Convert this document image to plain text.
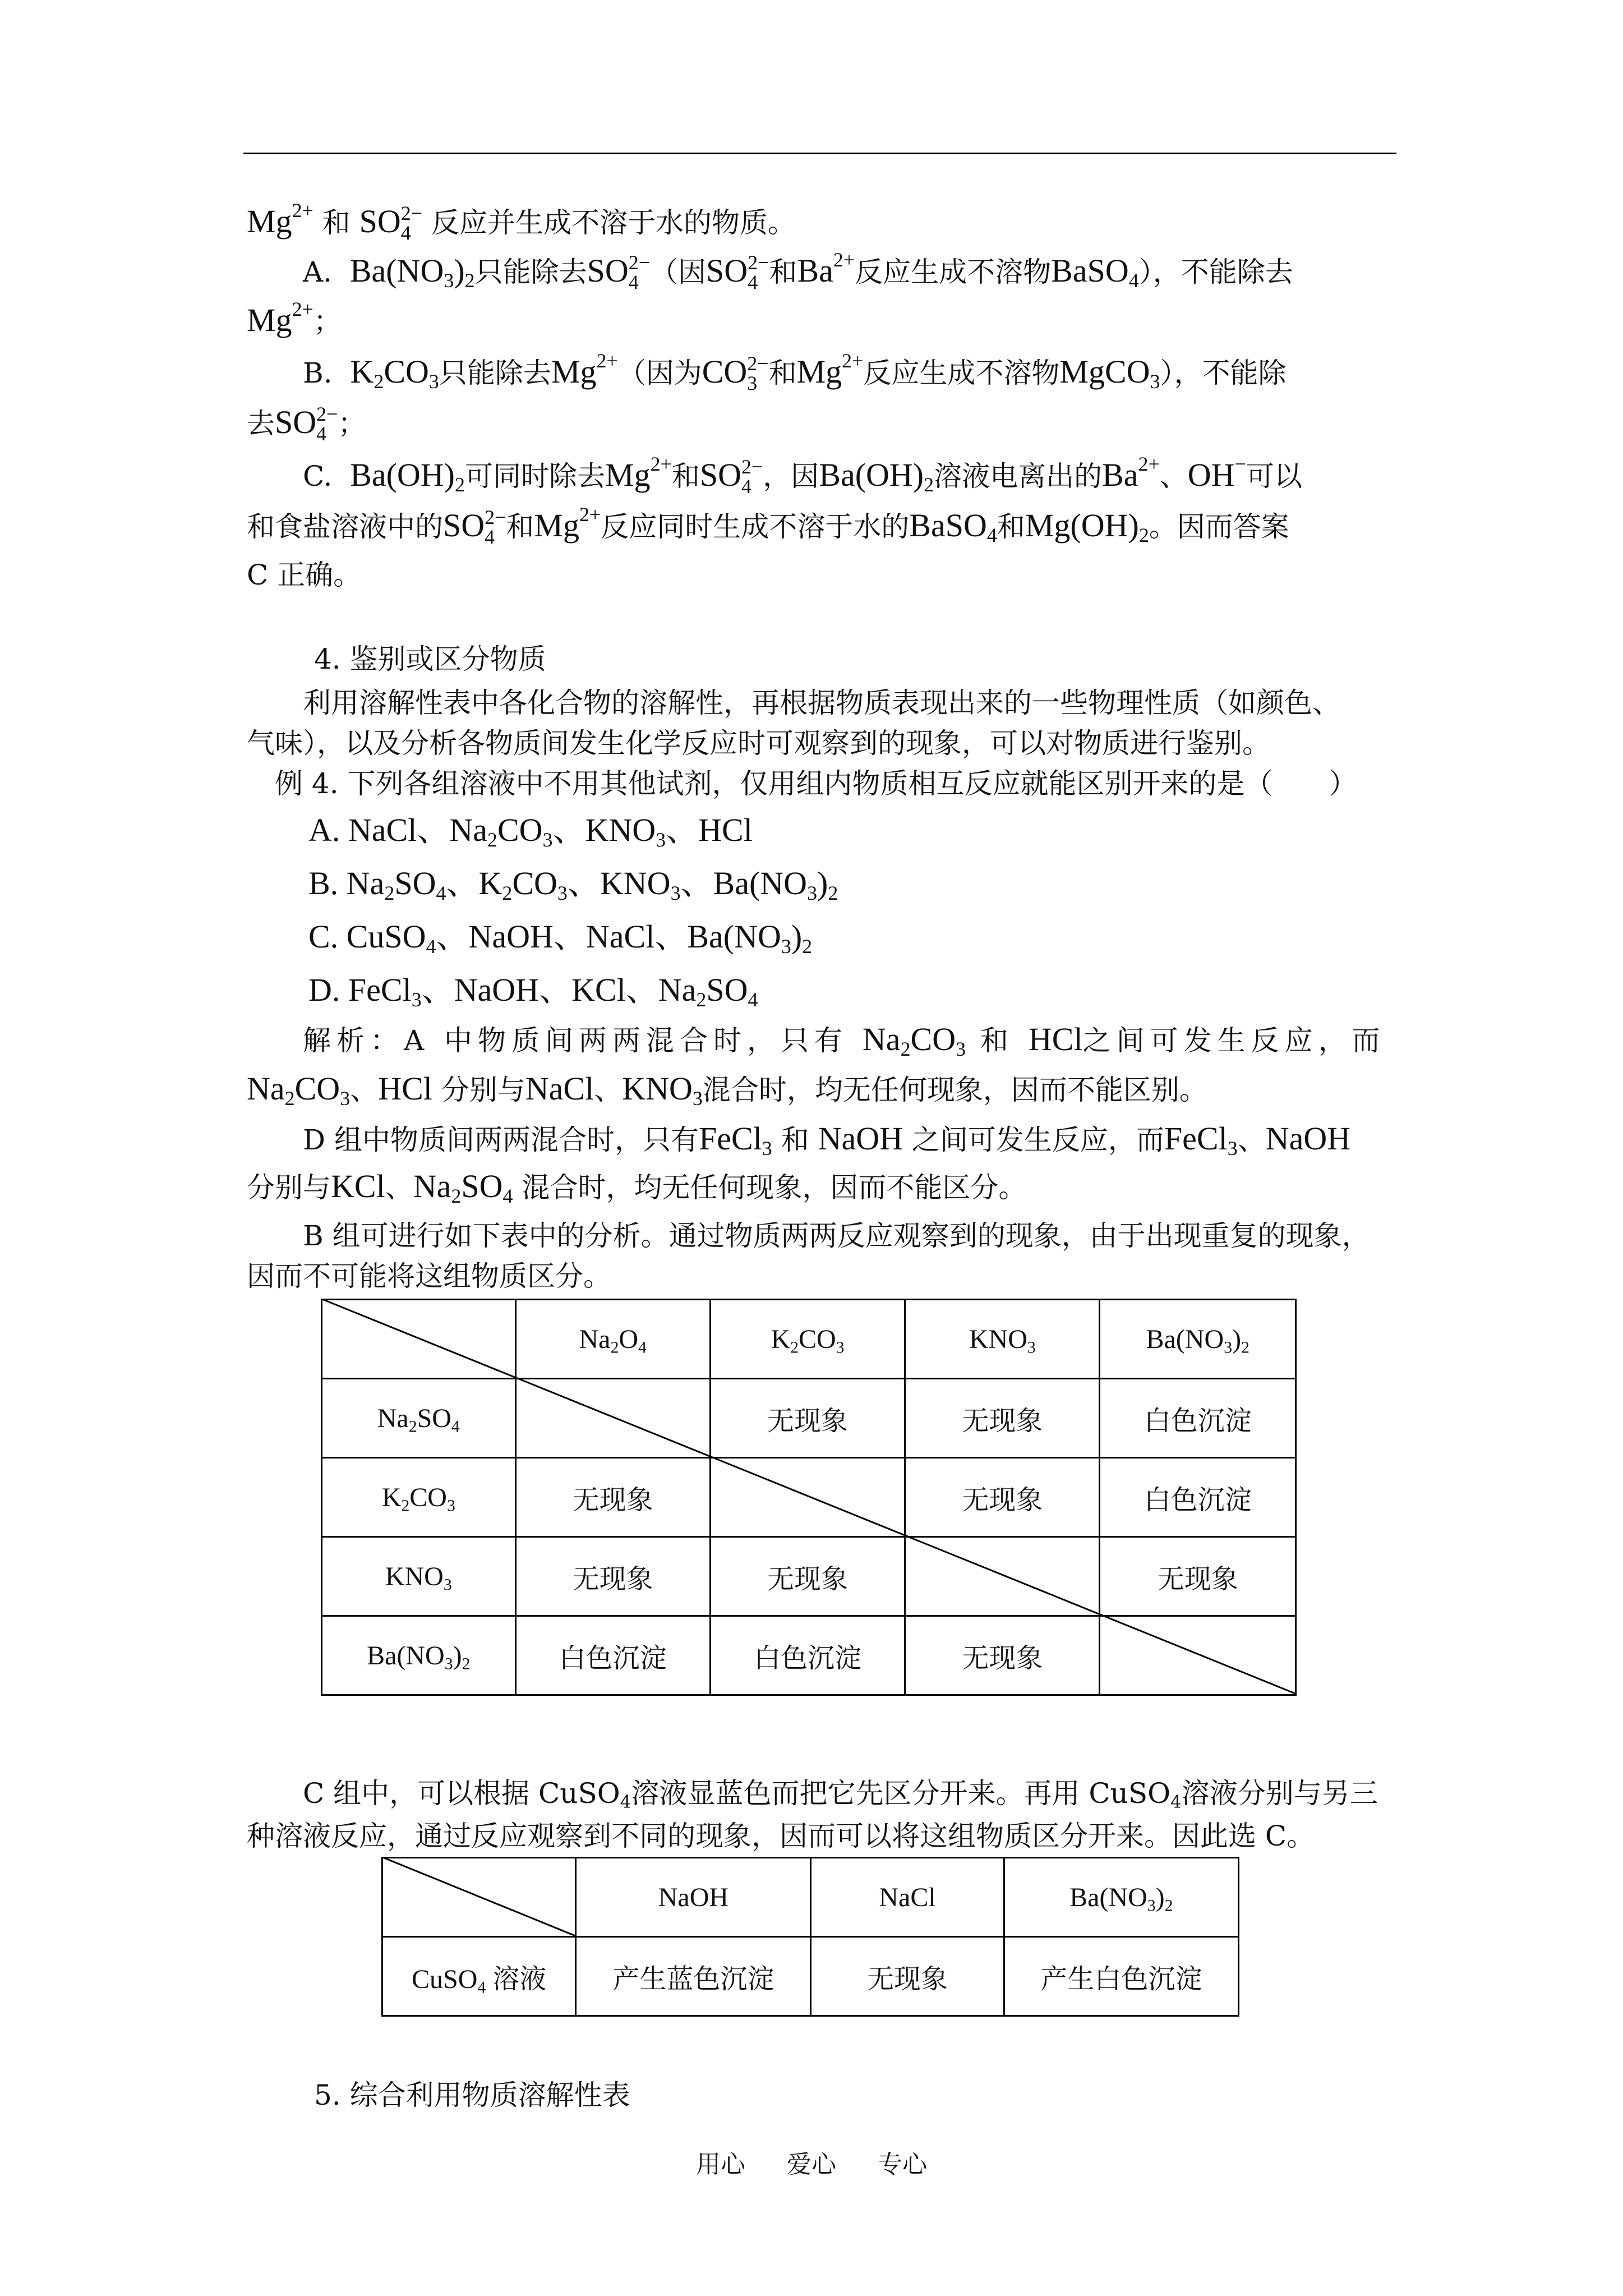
$Mg^{2+}$ 和 SO 2−
4 反应并生成不溶于水的物质。
A. $Ba(NO_3)_2$只能除去SO 2−
4 （因SO 2−
4 和$Ba^{2+}$反应生成不溶物BaSO$_4$），不能除去
$Mg^{2+}$；
B. $K_2CO_3$只能除去$Mg^{2+}$（因为CO 2−
3 和$Mg^{2+}$反应生成不溶物MgCO$_3$），不能除
去SO 2−
4 ；
C. $Ba(OH)_2$可同时除去$Mg^{2+}$和SO 2−
4 ，因$Ba(OH)_2$溶液电离出的$Ba^{2+}$、OH−可以
和食盐溶液中的SO 2−
4 和$Mg^{2+}$反应同时生成不溶于水的BaSO$_4$和$Mg(OH)_2$。因而答案
C 正确。
4. 鉴别或区分物质
利用溶解性表中各化合物的溶解性，再根据物质表现出来的一些物理性质（如颜色、
气味），以及分析各物质间发生化学反应时可观察到的现象，可以对物质进行鉴别。
例 4. 下列各组溶液中不用其他试剂，仅用组内物质相互反应就能区别开来的是（　　）
A. NaCl、$Na_2CO_3$、$KNO_3$、HCl
B. $Na_2SO_4$、$K_2CO_3$、$KNO_3$、$Ba(NO_3)_2$
C. CuSO$_4$、NaOH、NaCl、$Ba(NO_3)_2$
D. FeCl$_3$、NaOH、KCl、$Na_2SO_4$
解析：A 中物质间两两混合时，只有 $Na_2CO_3$ 和 HCl之间可发生反应，而
$Na_2CO_3$、HCl 分别与NaCl、$KNO_3$混合时，均无任何现象，因而不能区别。
D 组中物质间两两混合时，只有FeCl$_3$ 和 NaOH 之间可发生反应，而FeCl$_3$、NaOH
分别与KCl、$Na_2SO_4$ 混合时，均无任何现象，因而不能区分。
B 组可进行如下表中的分析。通过物质两两反应观察到的现象，由于出现重复的现象，
因而不可能将这组物质区分。
	$Na_2O_4$	$K_2CO_3$	$KNO_3$	$Ba(NO_3)_2$
$Na_2SO_4$		无现象	无现象	白色沉淀
$K_2CO_3$	无现象		无现象	白色沉淀
$KNO_3$	无现象	无现象		无现象
$Ba(NO_3)_2$	白色沉淀	白色沉淀	无现象	
C 组中，可以根据 CuSO$_4$溶液显蓝色而把它先区分开来。再用 CuSO$_4$溶液分别与另三
种溶液反应，通过反应观察到不同的现象，因而可以将这组物质区分开来。因此选 C。
	NaOH	NaCl	$Ba(NO_3)_2$
CuSO$_4$ 溶液	产生蓝色沉淀	无现象	产生白色沉淀
5. 综合利用物质溶解性表
用心 爱心 专心
